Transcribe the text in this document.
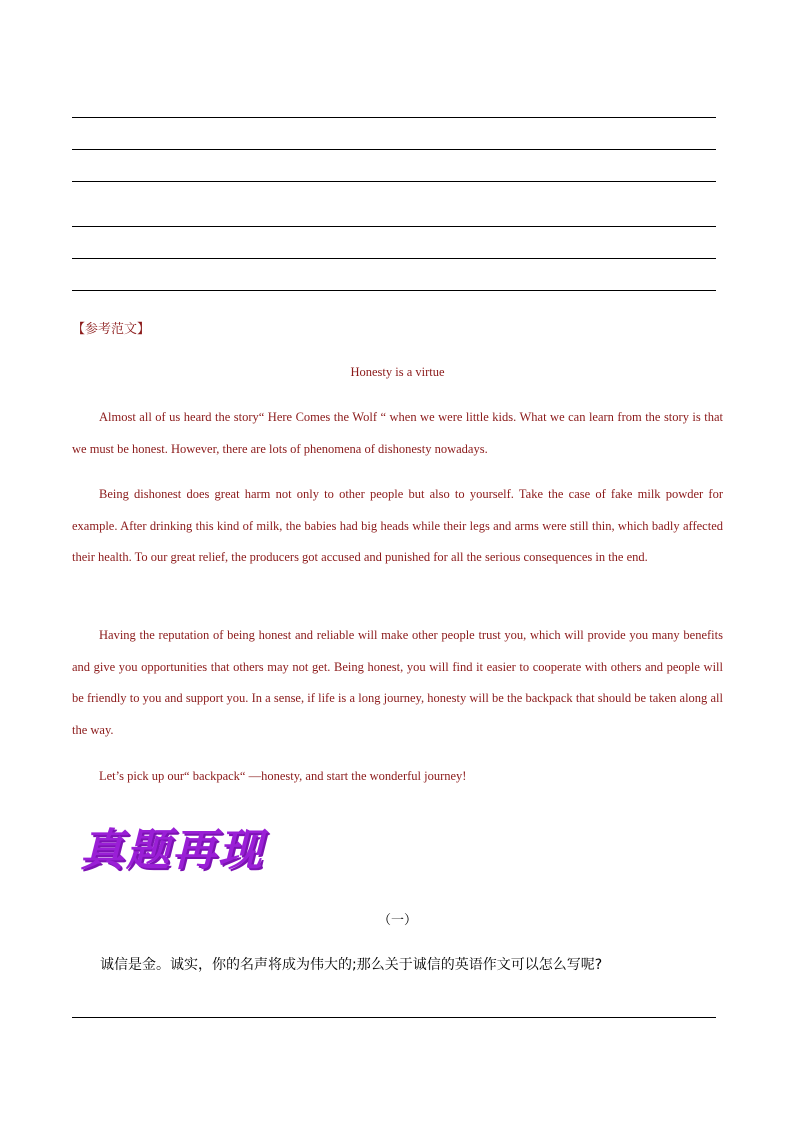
【参考范文】
Honesty is a virtue

Almost all of us heard the story“ Here Comes the Wolf “ when we were little kids. What we can learn from the story is that we must be honest. However, there are lots of phenomena of dishonesty nowadays.

Being dishonest does great harm not only to other people but also to yourself. Take the case of fake milk powder for example. After drinking this kind of milk, the babies had big heads while their legs and arms were still thin, which badly affected their health. To our great relief, the producers got accused and punished for all the serious consequences in the end.

Having the reputation of being honest and reliable will make other people trust you, which will provide you many benefits and give you opportunities that others may not get. Being honest, you will find it easier to cooperate with others and people will be friendly to you and support you. In a sense, if life is a long journey, honesty will be the backpack that should be taken along all the way.

Let’s pick up our“ backpack“ —honesty, and start the wonderful journey!

真题再现
（一）
诚信是金。诚实，你的名声将成为伟大的;那么关于诚信的英语作文可以怎么写呢?
